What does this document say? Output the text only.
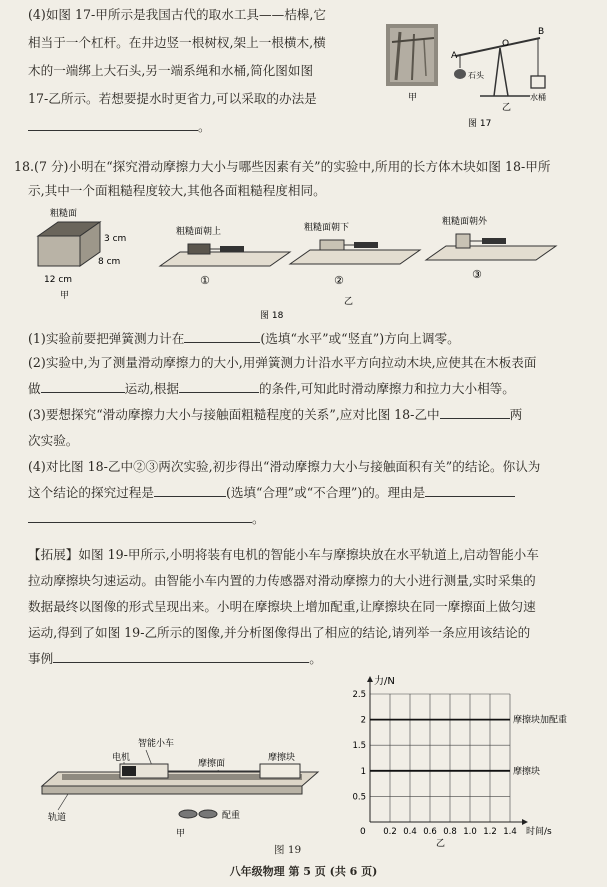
(4)如图 17-甲所示是我国古代的取水工具——桔槔,它
相当于一个杠杆。在井边竖一根树杈,架上一根横木,横
木的一端绑上大石头,另一端系绳和水桶,简化图如图
17-乙所示。若想要提水时更省力,可以采取的办法是
。
A
O
B
石头
水桶
甲
乙
图 17
18.(7 分)小明在“探究滑动摩擦力大小与哪些因素有关”的实验中,所用的长方体木块如图 18-甲所
示,其中一个面粗糙程度较大,其他各面粗糙程度相同。
粗糙面
3 cm
8 cm
12 cm
甲
粗糙面朝上
①
粗糙面朝下
②
粗糙面朝外
③
乙
图 18
(1)实验前要把弹簧测力计在	(选填“水平”或“竖直”)方向上调零。
(2)实验中,为了测量滑动摩擦力的大小,用弹簧测力计沿水平方向拉动木块,应使其在木板表面
做	运动,根据	的条件,可知此时滑动摩擦力和拉力大小相等。
(3)要想探究“滑动摩擦力大小与接触面粗糙程度的关系”,应对比图 18-乙中	两
次实验。
(4)对比图 18-乙中②③两次实验,初步得出“滑动摩擦力大小与接触面积有关”的结论。你认为
这个结论的探究过程是	(选填“合理”或“不合理”)的。理由是
。
【拓展】如图 19-甲所示,小明将装有电机的智能小车与摩擦块放在水平轨道上,启动智能小车
拉动摩擦块匀速运动。由智能小车内置的力传感器对滑动摩擦力的大小进行测量,实时采集的
数据最终以图像的形式呈现出来。小明在摩擦块上增加配重,让摩擦块在同一摩擦面上做匀速
运动,得到了如图 19-乙所示的图像,并分析图像得出了相应的结论,请列举一条应用该结论的
事例	。
智能小车
电机
摩擦面
摩擦块
配重
轨道
甲
图 19
0.2 0.4 0.6 0.8 1.0 1.2 1.4
0.5
1
1.5
2
2.5
摩擦块加配重
摩擦块
力/N
时间/s
0
乙
八年级物理 第 5 页 (共 6 页)
